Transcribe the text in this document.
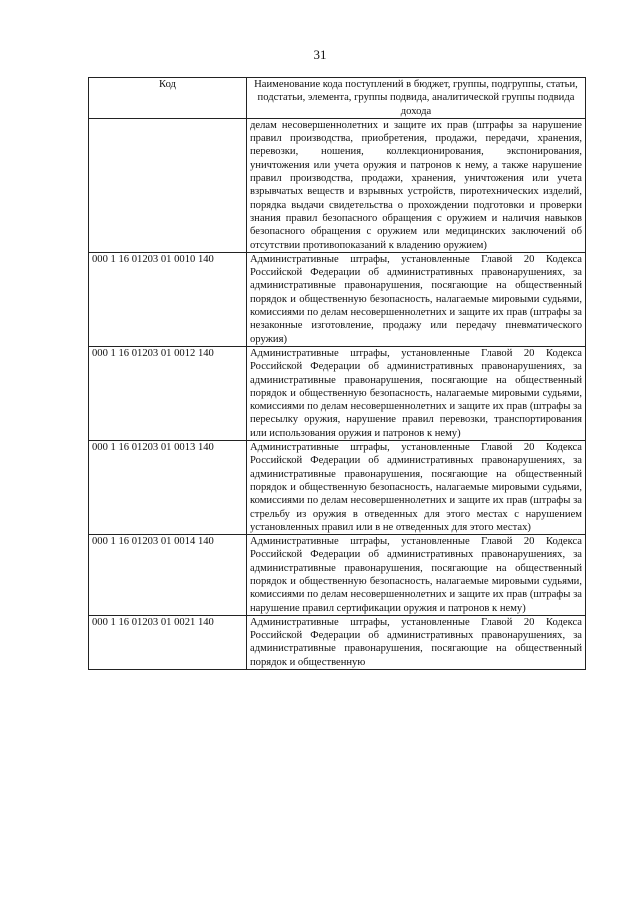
31
Код	Наименование кода поступлений в бюджет, группы, подгруппы, статьи, подстатьи, элемента, группы подвида, аналитической группы подвида дохода
	делам несовершеннолетних и защите их прав (штрафы за нарушение правил производства, приобретения, продажи, передачи, хранения, перевозки, ношения, коллекционирования, экспонирования, уничтожения или учета оружия и патронов к нему, а также нарушение правил производства, продажи, хранения, уничтожения или учета взрывчатых веществ и взрывных устройств, пиротехнических изделий, порядка выдачи свидетельства о прохождении подготовки и проверки знания правил безопасного обращения с оружием и наличия навыков безопасного обращения с оружием или медицинских заключений об отсутствии противопоказаний к владению оружием)
000 1 16 01203 01 0010 140	Административные штрафы, установленные Главой 20 Кодекса Российской Федерации об административных правонарушениях, за административные правонарушения, посягающие на общественный порядок и общественную безопасность, налагаемые мировыми судьями, комиссиями по делам несовершеннолетних и защите их прав (штрафы за незаконные изготовление, продажу или передачу пневматического оружия)
000 1 16 01203 01 0012 140	Административные штрафы, установленные Главой 20 Кодекса Российской Федерации об административных правонарушениях, за административные правонарушения, посягающие на общественный порядок и общественную безопасность, налагаемые мировыми судьями, комиссиями по делам несовершеннолетних и защите их прав (штрафы за пересылку оружия, нарушение правил перевозки, транспортирования или использования оружия и патронов к нему)
000 1 16 01203 01 0013 140	Административные штрафы, установленные Главой 20 Кодекса Российской Федерации об административных правонарушениях, за административные правонарушения, посягающие на общественный порядок и общественную безопасность, налагаемые мировыми судьями, комиссиями по делам несовершеннолетних и защите их прав (штрафы за стрельбу из оружия в отведенных для этого местах с нарушением установленных правил или в не отведенных для этого местах)
000 1 16 01203 01 0014 140	Административные штрафы, установленные Главой 20 Кодекса Российской Федерации об административных правонарушениях, за административные правонарушения, посягающие на общественный порядок и общественную безопасность, налагаемые мировыми судьями, комиссиями по делам несовершеннолетних и защите их прав (штрафы за нарушение правил сертификации оружия и патронов к нему)
000 1 16 01203 01 0021 140	Административные штрафы, установленные Главой 20 Кодекса Российской Федерации об административных правонарушениях, за административные правонарушения, посягающие на общественный порядок и общественную
